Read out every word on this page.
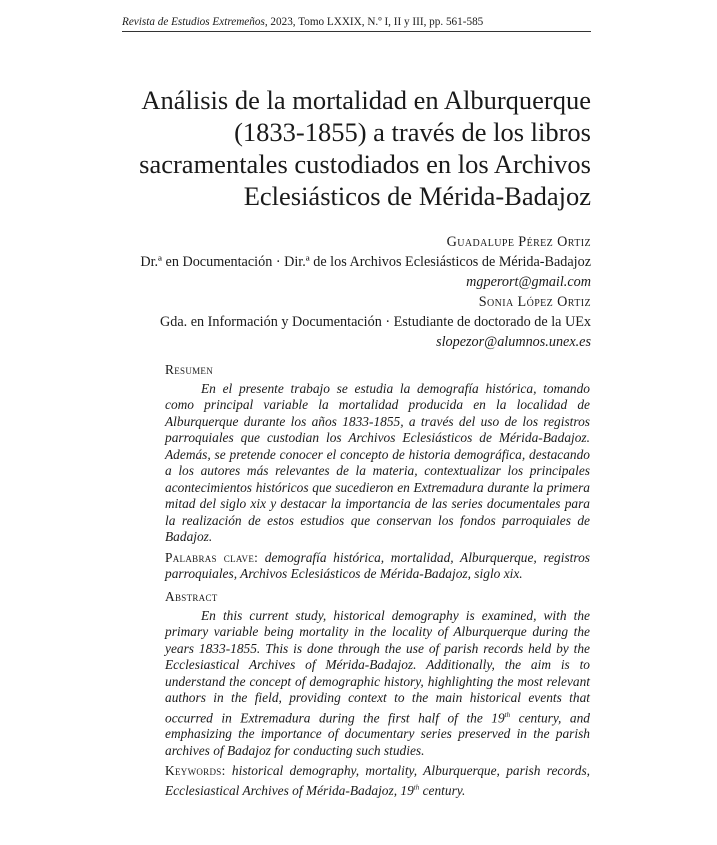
Revista de Estudios Extremeños, 2023, Tomo LXXIX, N.º I, II y III, pp. 561-585
Análisis de la mortalidad en Alburquerque
(1833-1855) a través de los libros
sacramentales custodiados en los Archivos
Eclesiásticos de Mérida-Badajoz
Guadalupe Pérez Ortiz
Dr.ª en Documentación · Dir.ª de los Archivos Eclesiásticos de Mérida-Badajoz
mgperort@gmail.com
Sonia López Ortiz
Gda. en Información y Documentación · Estudiante de doctorado de la UEx
slopezor@alumnos.unex.es
Resumen
En el presente trabajo se estudia la demografía histórica, tomando como principal variable la mortalidad producida en la localidad de Alburquerque durante los años 1833-1855, a través del uso de los registros parroquiales que custodian los Archivos Eclesiásticos de Mérida-Badajoz. Además, se pretende conocer el concepto de historia demográfica, destacando a los autores más relevantes de la materia, contextualizar los principales acontecimientos históricos que sucedieron en Extremadura durante la primera mitad del siglo xix y destacar la importancia de las series documentales para la realización de estos estudios que conservan los fondos parroquiales de Badajoz.
Palabras clave: demografía histórica, mortalidad, Alburquerque, registros parroquiales, Archivos Eclesiásticos de Mérida-Badajoz, siglo xix.
Abstract
En this current study, historical demography is examined, with the primary variable being mortality in the locality of Alburquerque during the years 1833-1855. This is done through the use of parish records held by the Ecclesiastical Archives of Mérida-Badajoz. Additionally, the aim is to understand the concept of demographic history, highlighting the most relevant authors in the field, providing context to the main historical events that occurred in Extremadura during the first half of the 19th century, and emphasizing the importance of documentary series preserved in the parish archives of Badajoz for conducting such studies.
Keywords: historical demography, mortality, Alburquerque, parish records, Ecclesiastical Archives of Mérida-Badajoz, 19th century.
